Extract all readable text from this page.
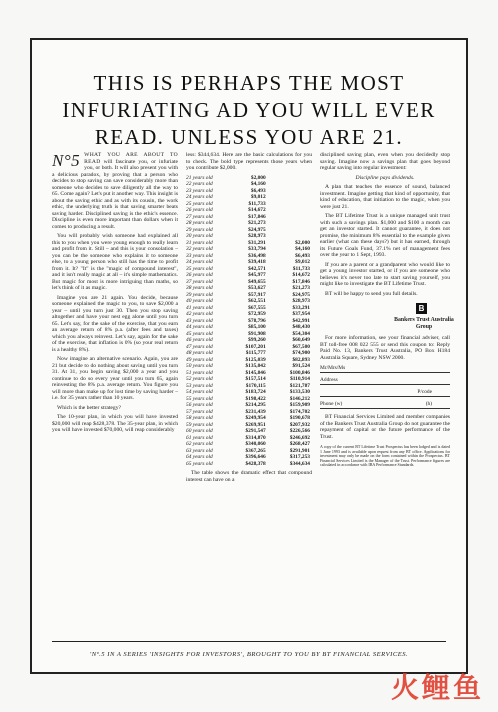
THIS IS PERHAPS THE MOST
INFURIATING AD YOU WILL EVER
READ. UNLESS YOU ARE 21.

N°5 WHAT YOU ARE ABOUT TO READ will fascinate you, or infuriate you, or both. It will also present you with a delicious paradox, by proving that a person who decides to stop saving can save considerably more than someone who decides to save diligently all the way to 65. Come again? Let's put it another way. This insight is about the saving ethic and as with its cousin, the work ethic, the underlying truth is that saving smarter beats saving harder. Disciplined saving is the ethic's essence. Discipline is even more important than dollars when it comes to producing a result.

You will probably wish someone had explained all this to you when you were young enough to really learn and profit from it. Still – and this is your consolation – you can be the someone who explains it to someone else, to a young person who still has the time to profit from it. It? "It" is the "magic of compound interest", and it isn't really magic at all – it's simple mathematics. But magic for most is more intriguing than maths, so let's think of it as magic.

Imagine you are 21 again. You decide, because someone explained the magic to you, to save $2,000 a year – until you turn just 30. Then you stop saving altogether and have your nest egg alone until you turn 65. Let's say, for the sake of the exercise, that you earn an average return of 8% p.a. (after fees and taxes) which you always reinvest. Let's say, again for the sake of the exercise, that inflation is 0% (so your real return is a healthy 8%).

Now imagine an alternative scenario. Again, you are 21 but decide to do nothing about saving until you turn 31. At 31, you begin saving $2,000 a year and you continue to do so every year until you turn 65, again reinvesting the 8% p.a. average return. You figure you will more than make up for lost time by saving harder – i.e. for 35 years rather than 10 years.

Which is the better strategy?

The 10-year plan, in which you will have invested $20,000 will reap $428,378. The 35-year plan, in which you will have invested $70,000, will reap considerably

less: $344,634. Here are the basic calculations for you to check. The bold type represents those years when you contribute $2,000.

21 years old	$2,000	
22 years old	$4,160	
23 years old	$6,493	
24 years old	$9,012	
25 years old	$11,733	
26 years old	$14,672	
27 years old	$17,846	
28 years old	$21,273	
29 years old	$24,975	
30 years old	$28,973	
31 years old	$31,291	$2,000
32 years old	$33,794	$4,160
33 years old	$36,498	$6,493
34 years old	$39,418	$9,012
35 years old	$42,571	$11,733
36 years old	$45,977	$14,672
37 years old	$49,655	$17,846
38 years old	$53,627	$21,273
39 years old	$57,917	$24,975
40 years old	$62,551	$28,973
41 years old	$67,555	$33,291
42 years old	$72,959	$37,954
43 years old	$78,796	$42,991
44 years old	$85,100	$48,430
45 years old	$91,908	$54,304
46 years old	$99,260	$60,649
47 years old	$107,201	$67,500
48 years old	$115,777	$74,900
49 years old	$125,039	$82,893
50 years old	$135,042	$91,524
51 years old	$145,846	$100,846
52 years old	$157,514	$110,914
53 years old	$170,115	$121,787
54 years old	$183,724	$133,530
55 years old	$198,422	$146,212
56 years old	$214,295	$159,909
57 years old	$231,439	$174,702
58 years old	$249,954	$190,678
59 years old	$269,951	$207,932
60 years old	$291,547	$226,566
61 years old	$314,870	$246,692
62 years old	$340,060	$268,427
63 years old	$367,265	$291,901
64 years old	$396,646	$317,253
65 years old	$428,378	$344,634

The table shows the dramatic effect that compound interest can have on a

disciplined saving plan, even when you decidedly stop saving. Imagine now a savings plan that goes beyond regular saving into regular investment:

Discipline pays dividends.

A plan that teaches the essence of sound, balanced investment. Imagine getting that kind of opportunity, that kind of education, that initiation to the magic, when you were just 21.

The BT Lifetime Trust is a unique managed unit trust with such a savings plan. $1,000 and $100 a month can get an investor started. It cannot guarantee, it does not promise, the minimum 8% essential to the example given earlier (what can these days?) but it has earned, through its Future Goals Fund, 37.1% net of management fees over the year to 1 Sept, 1993.

If you are a parent or a grandparent who would like to get a young investor started, or if you are someone who believes it's never too late to start saving yourself, you might like to investigate the BT Lifetime Trust.

BT will be happy to send you full details.

B
Bankers Trust Australia Group

For more information, see your financial adviser, call BT toll-free 008 022 555 or send this coupon to: Reply Paid No. 13, Bankers Trust Australia, PO Box H184 Australia Square, Sydney NSW 2000.

Mr/Mrs/Ms
Address
P/code
Phone (w)	(h)

BT Financial Services Limited and member companies of the Bankers Trust Australia Group do not guarantee the repayment of capital or the future performance of the Trust.

A copy of the current BT Lifetime Trust Prospectus has been lodged and is dated 1 June 1993 and is available upon request from any BT office. Applications for investment may only be made on the form contained within the Prospectus. BT Financial Services Limited is the Manager of the Trust. Performance figures are calculated in accordance with IBA Performance Standards.
'Nº.5 IN A SERIES 'INSIGHTS FOR INVESTORS', BROUGHT TO YOU BY BT FINANCIAL SERVICES.
火鲤鱼
